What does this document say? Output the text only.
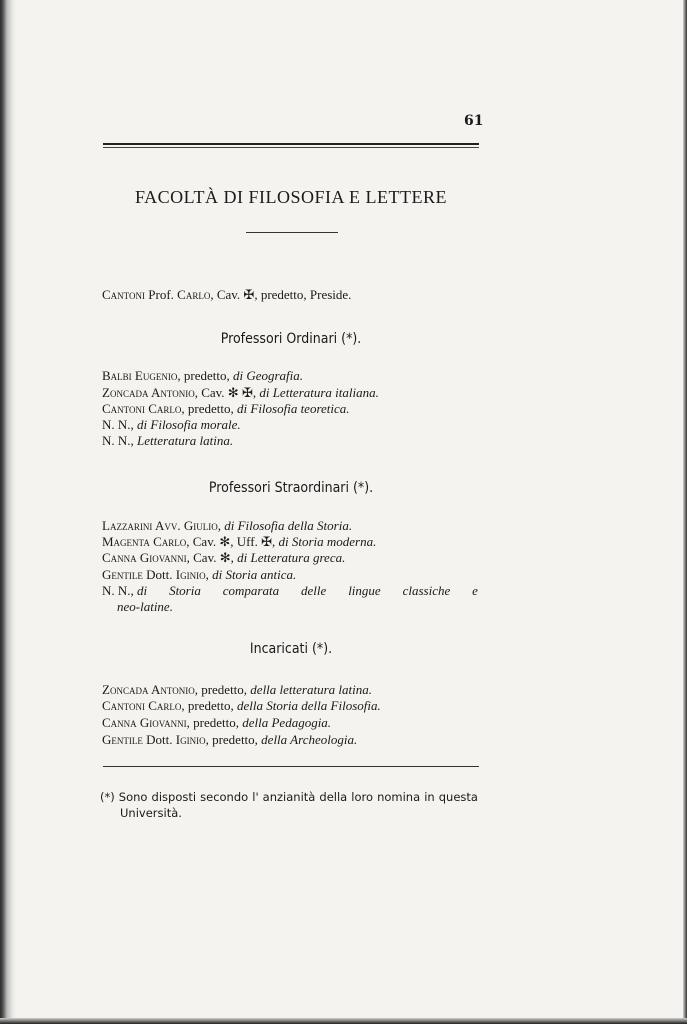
61
FACOLTÀ DI FILOSOFIA E LETTERE
Cantoni Prof. Carlo, Cav. ✠, predetto, Preside.
Professori Ordinari (*).
Balbi Eugenio, predetto, di Geografia.
Zoncada Antonio, Cav. ✻ ✠, di Letteratura italiana.
Cantoni Carlo, predetto, di Filosofia teoretica.
N. N., di Filosofia morale.
N. N., Letteratura latina.
Professori Straordinari (*).
Lazzarini Avv. Giulio, di Filosofia della Storia.
Magenta Carlo, Cav. ✻, Uff. ✠, di Storia moderna.
Canna Giovanni, Cav. ✻, di Letteratura greca.
Gentile Dott. Iginio, di Storia antica.
N. N., di Storia comparata delle lingue classiche e
neo-latine.
Incaricati (*).
Zoncada Antonio, predetto, della letteratura latina.
Cantoni Carlo, predetto, della Storia della Filosofia.
Canna Giovanni, predetto, della Pedagogia.
Gentile Dott. Iginio, predetto, della Archeologia.
(*) Sono disposti secondo l' anzianità della loro nomina in questa
Università.
